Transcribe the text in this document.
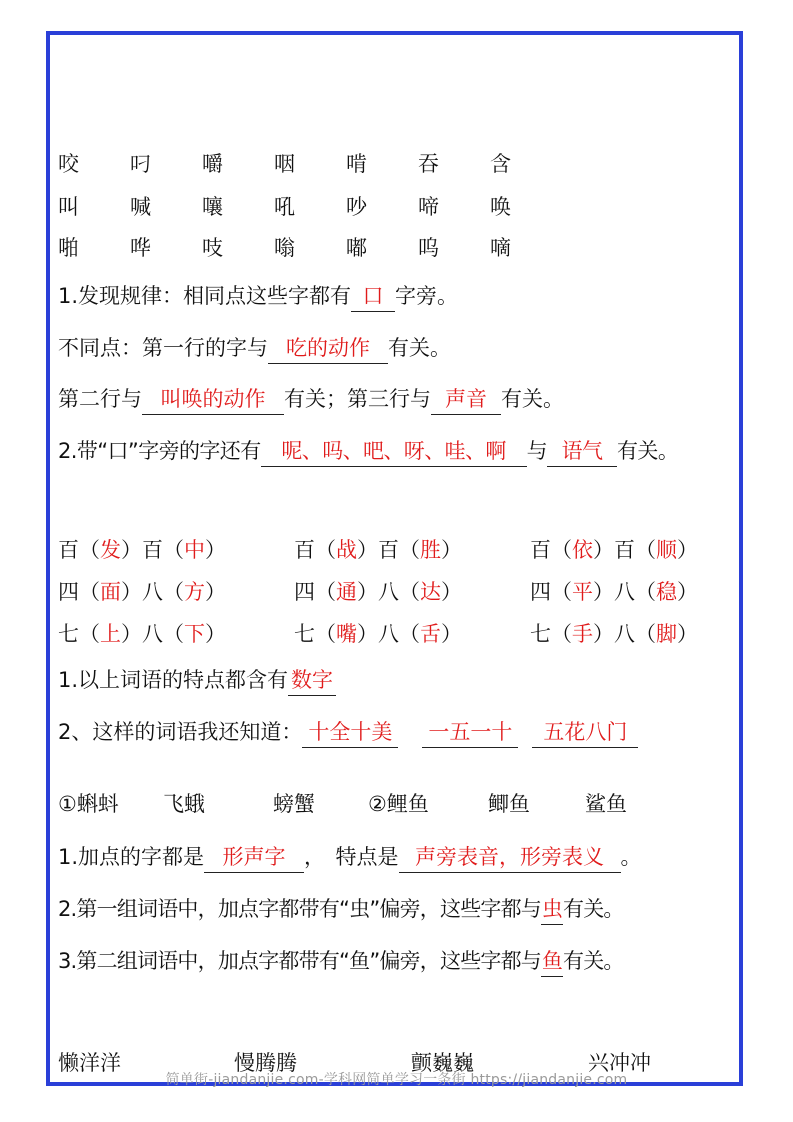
咬 叼 嚼 咽 啃 吞 含
叫 喊 嚷 吼 吵 啼 唤
啪 哗 吱 嗡 嘟 呜 嘀
1.发现规律：相同点这些字都有 口 字旁。
不同点：第一行的字与 吃的动作 有关。
第二行与 叫唤的动作 有关；第三行与 声音 有关。
2.带“口”字旁的字还有 呢、吗、吧、呀、哇、啊 与 语气 有关。
百（发）百（中）	百（战）百（胜）	百（依）百（顺）
四（面）八（方）	四（通）八（达）	四（平）八（稳）
七（上）八（下）	七（嘴）八（舌）	七（手）八（脚）
1.以上词语的特点都含有 数字
2、这样的词语我还知道： 十全十美 一五一十 五花八门
①蝌蚪 飞蛾	螃蟹	②鲤鱼	鲫鱼	鲨鱼
1.加点的字都是 形声字 ，　特点是 声旁表音，形旁表义 。
2.第一组词语中，加点字都带有“虫”偏旁，这些字都与虫有关。
3.第二组词语中，加点字都带有“鱼”偏旁，这些字都与鱼有关。
懒洋洋	慢腾腾	颤巍巍	兴冲冲
简单街-jiandanjie.com-学科网简单学习一条街 https://jiandanjie.com
